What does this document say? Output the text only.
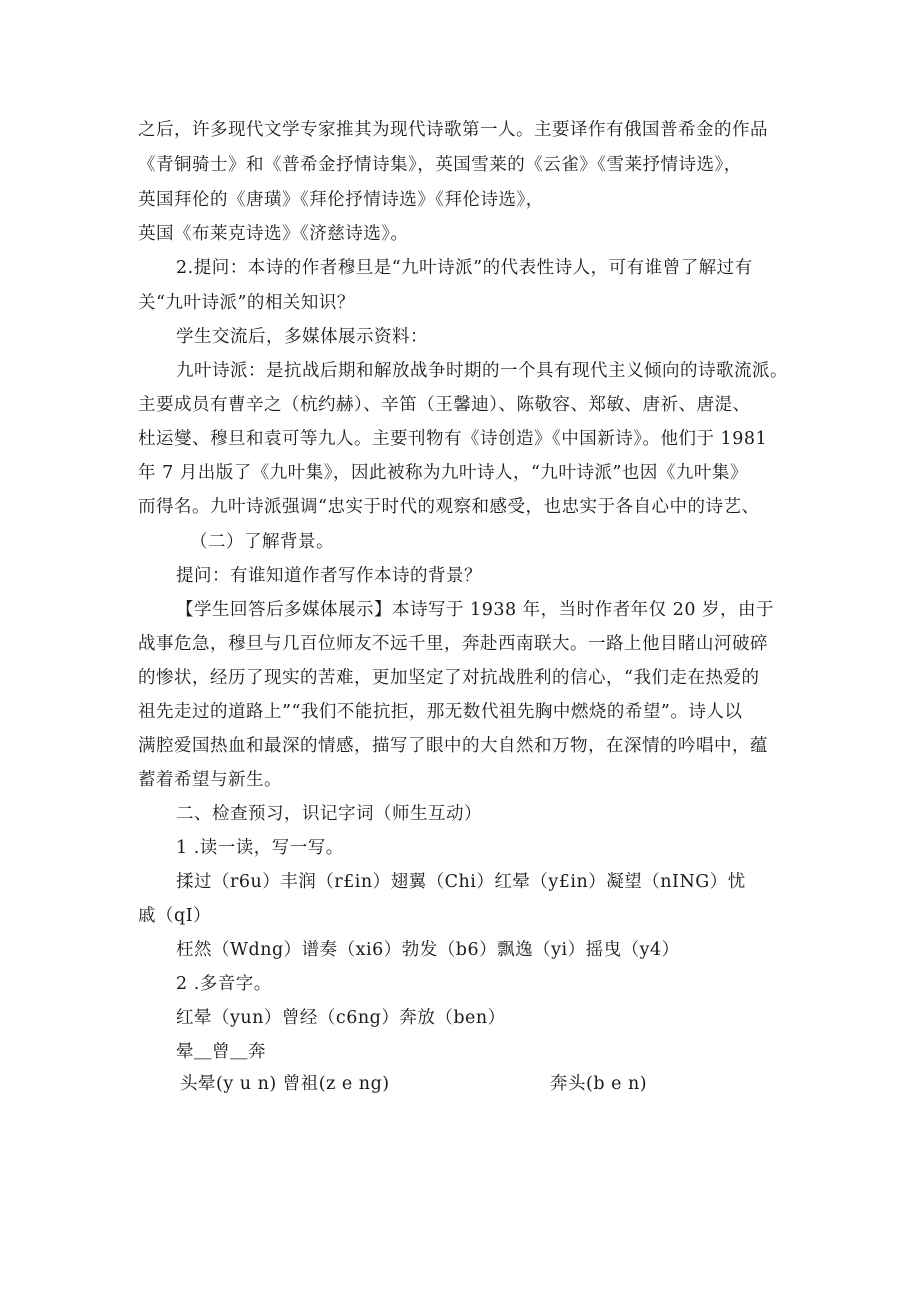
之后，许多现代文学专家推其为现代诗歌第一人。主要译作有俄国普希金的作品
《青铜骑士》和《普希金抒情诗集》，英国雪莱的《云雀》《雪莱抒情诗选》，
英国拜伦的《唐璜》《拜伦抒情诗选》《拜伦诗选》，
英国《布莱克诗选》《济慈诗选》。
2.提问：本诗的作者穆旦是“九叶诗派”的代表性诗人，可有谁曾了解过有
关“九叶诗派”的相关知识？
学生交流后，多媒体展示资料：
九叶诗派：是抗战后期和解放战争时期的一个具有现代主义倾向的诗歌流派。
主要成员有曹辛之（杭约赫）、辛笛（王馨迪）、陈敬容、郑敏、唐祈、唐湜、
杜运燮、穆旦和袁可等九人。主要刊物有《诗创造》《中国新诗》。他们于 1981
年 7 月出版了《九叶集》，因此被称为九叶诗人，“九叶诗派”也因《九叶集》
而得名。九叶诗派强调“忠实于时代的观察和感受，也忠实于各自心中的诗艺、
（二）了解背景。
提问：有谁知道作者写作本诗的背景？
【学生回答后多媒体展示】本诗写于 1938 年，当时作者年仅 20 岁，由于
战事危急，穆旦与几百位师友不远千里，奔赴西南联大。一路上他目睹山河破碎
的惨状，经历了现实的苦难，更加坚定了对抗战胜利的信心，“我们走在热爱的
祖先走过的道路上”“我们不能抗拒，那无数代祖先胸中燃烧的希望”。诗人以
满腔爱国热血和最深的情感，描写了眼中的大自然和万物，在深情的吟唱中，蕴
蓄着希望与新生。
二、检查预习，识记字词（师生互动）
1 .读一读，写一写。
揉过（r6u）丰润（r£in）翅翼（Chi）红晕（y£in）凝望（nING）忧
戚（qI）
枉然（Wdng）谱奏（xi6）勃发（b6）飘逸（yi）摇曳（y4）
2 .多音字。
红晕（yun）曾经（c6ng）奔放（ben）
晕＿曾＿奔
头晕(y u n) 曾祖(z e ng)	奔头(b e n)
